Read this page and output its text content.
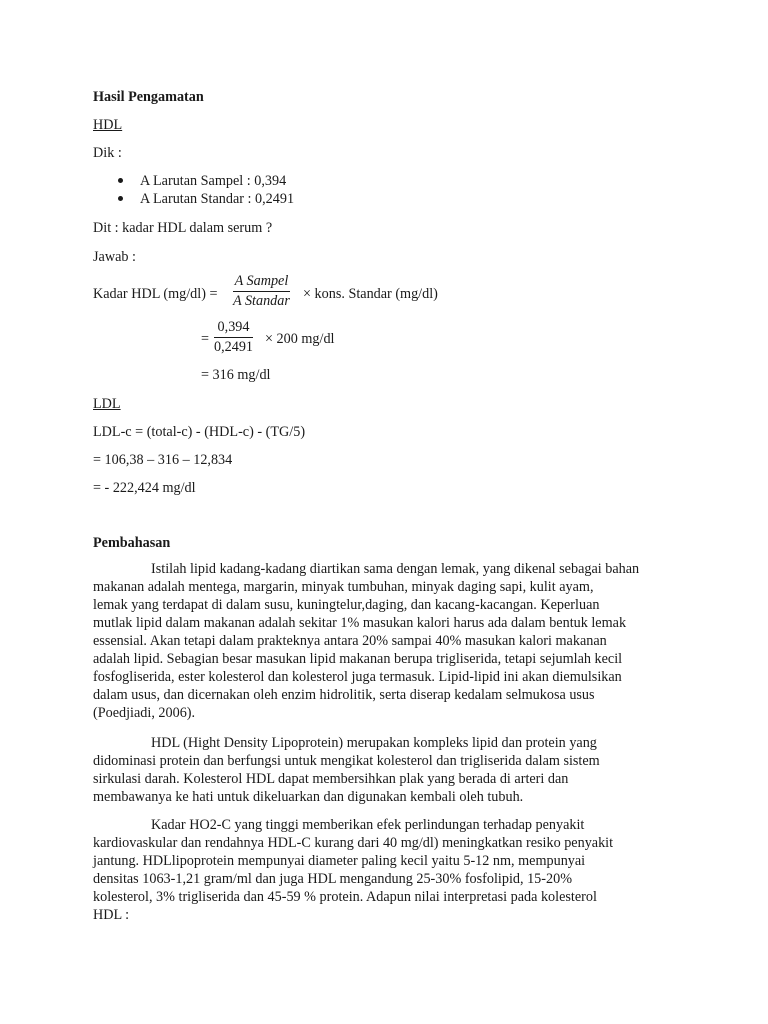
Hasil Pengamatan
HDL
Dik :
A Larutan Sampel : 0,394
A Larutan Standar : 0,2491
Dit : kadar HDL dalam serum ?
Jawab :
Kadar HDL (mg/dl) =
A Sampel
A Standar × kons. Standar (mg/dl)
= $\frac{0,394}{0,2491} \times 200$ mg/dl
= 316 mg/dl
LDL
LDL-c = (total-c) - (HDL-c) - (TG/5)
= 106,38 – 316 – 12,834
= - 222,424 mg/dl
Pembahasan
Istilah lipid kadang-kadang diartikan sama dengan lemak, yang dikenal sebagai bahan
makanan adalah mentega, margarin, minyak tumbuhan, minyak daging sapi, kulit ayam,
lemak yang terdapat di dalam susu, kuningtelur,daging, dan kacang-kacangan. Keperluan
mutlak lipid dalam makanan adalah sekitar 1% masukan kalori harus ada dalam bentuk lemak
essensial. Akan tetapi dalam prakteknya antara 20% sampai 40% masukan kalori makanan
adalah lipid. Sebagian besar masukan lipid makanan berupa trigliserida, tetapi sejumlah kecil
fosfogliserida, ester kolesterol dan kolesterol juga termasuk. Lipid-lipid ini akan diemulsikan
dalam usus, dan dicernakan oleh enzim hidrolitik, serta diserap kedalam selmukosa usus
(Poedjiadi, 2006).
HDL (Hight Density Lipoprotein) merupakan kompleks lipid dan protein yang
didominasi protein dan berfungsi untuk mengikat kolesterol dan trigliserida dalam sistem
sirkulasi darah. Kolesterol HDL dapat membersihkan plak yang berada di arteri dan
membawanya ke hati untuk dikeluarkan dan digunakan kembali oleh tubuh.
Kadar HO2-C yang tinggi memberikan efek perlindungan terhadap penyakit
kardiovaskular dan rendahnya HDL-C kurang dari 40 mg/dl) meningkatkan resiko penyakit
jantung. HDLlipoprotein mempunyai diameter paling kecil yaitu 5-12 nm, mempunyai
densitas 1063-1,21 gram/ml dan juga HDL mengandung 25-30% fosfolipid, 15-20%
kolesterol, 3% trigliserida dan 45-59 % protein. Adapun nilai interpretasi pada kolesterol
HDL :
